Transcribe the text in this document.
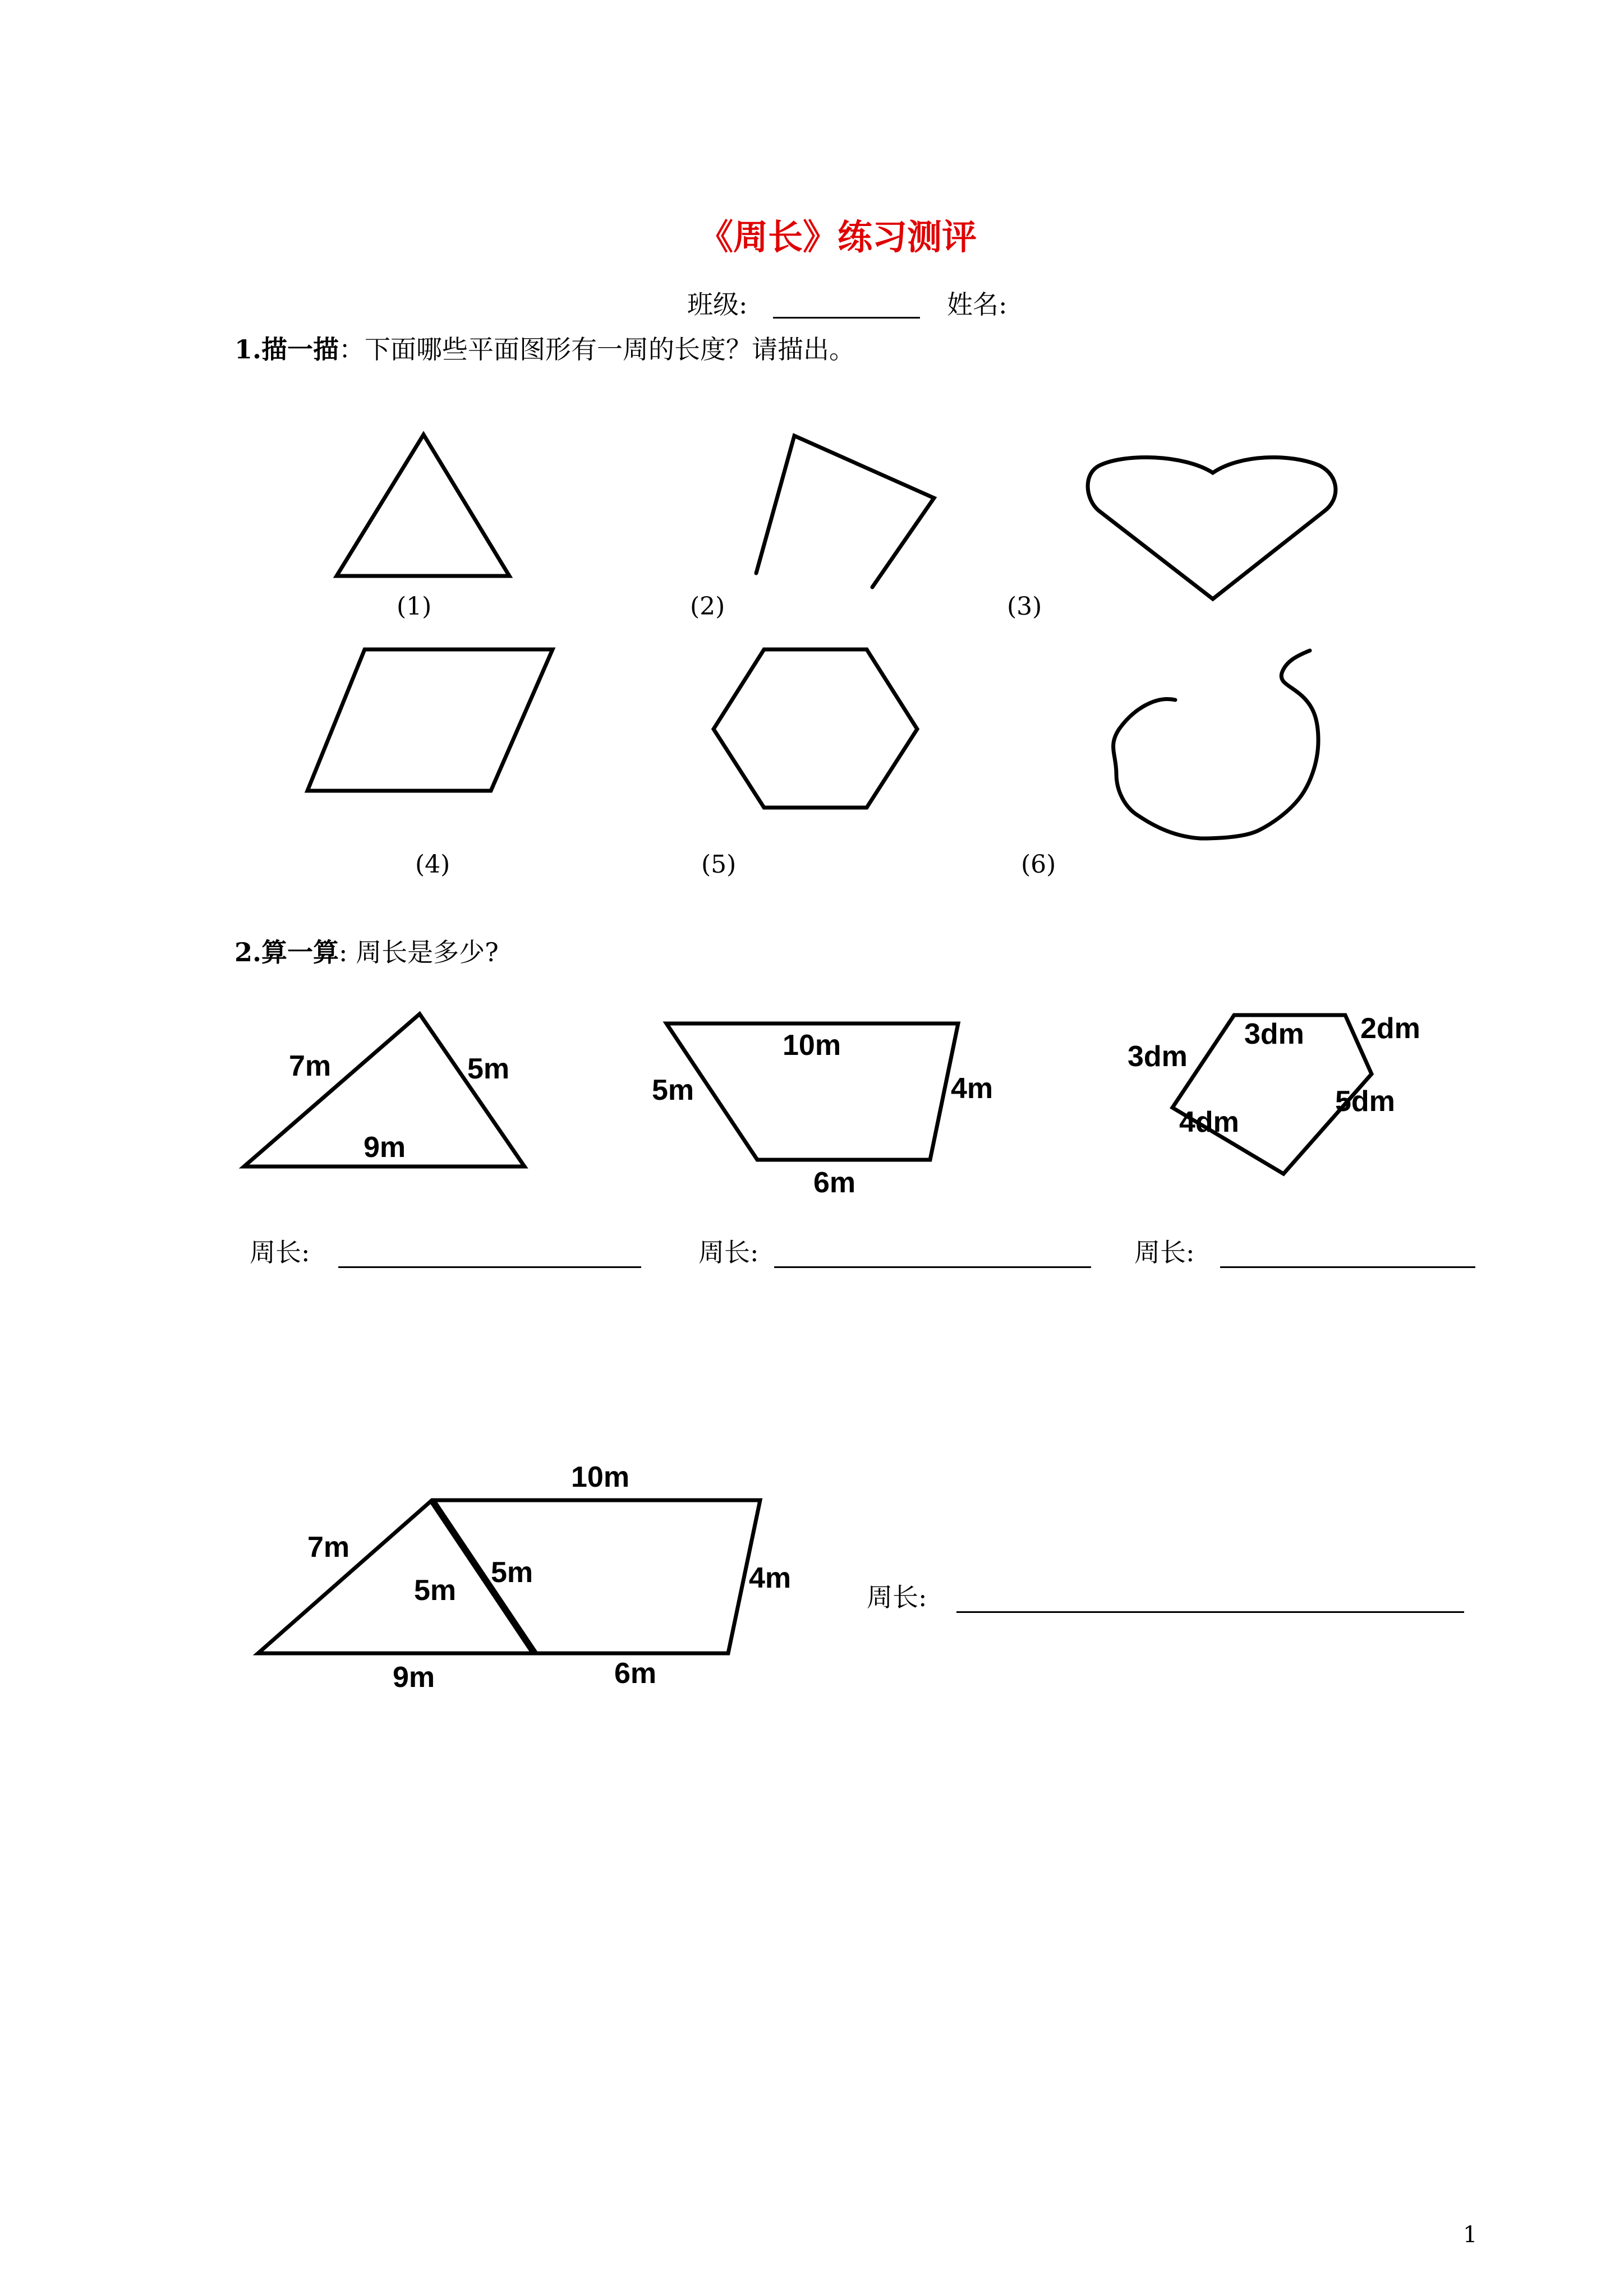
《周长》练习测评
班级:	姓名:
1.描一描：下面哪些平面图形有一周的长度？请描出。
(1)	(2)	(3)
(4)	(5)	(6)
2.算一算: 周长是多少?
7m	5m
9m
10m
5m	4m
6m
3dm
3dm 2dm
5dm
4dm
周长:	周长:	周长:
10m
7m
5m
5m	4m
9m	6m
周长:
1
